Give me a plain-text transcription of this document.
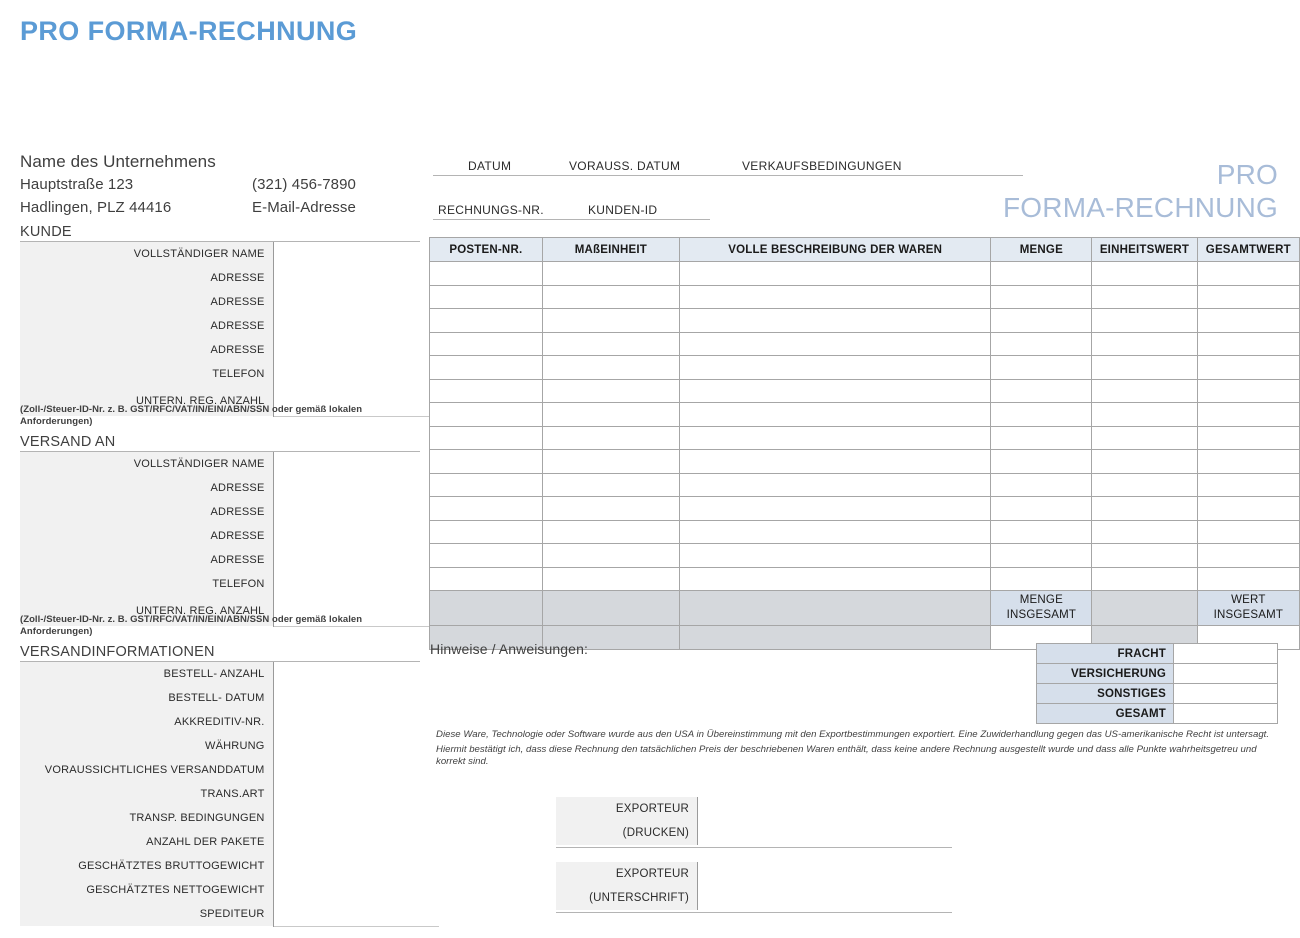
PRO FORMA-RECHNUNG
Name des Unternehmens
Hauptstraße 123	(321) 456-7890
Hadlingen, PLZ 44416	E-Mail-Adresse
PRO
FORMA-RECHNUNG
DATUM	VORAUSS. DATUM	VERKAUFSBEDINGUNGEN
RECHNUNGS-NR.	KUNDEN-ID
KUNDE
VOLLSTÄNDIGER NAME	
ADRESSE	
ADRESSE	
ADRESSE	
ADRESSE	
TELEFON	
UNTERN. REG. ANZAHL	
(Zoll-/Steuer-ID-Nr. z. B. GST/RFC/VAT/IN/EIN/ABN/SSN oder gemäß lokalen Anforderungen)
VERSAND AN
VOLLSTÄNDIGER NAME	
ADRESSE	
ADRESSE	
ADRESSE	
ADRESSE	
TELEFON	
UNTERN. REG. ANZAHL	
(Zoll-/Steuer-ID-Nr. z. B. GST/RFC/VAT/IN/EIN/ABN/SSN oder gemäß lokalen Anforderungen)
VERSANDINFORMATIONEN
BESTELL- ANZAHL	
BESTELL- DATUM	
AKKREDITIV-NR.	
WÄHRUNG	
VORAUSSICHTLICHES VERSANDDATUM	
TRANS.ART	
TRANSP. BEDINGUNGEN	
ANZAHL DER PAKETE	
GESCHÄTZTES BRUTTOGEWICHT	
GESCHÄTZTES NETTOGEWICHT	
SPEDITEUR	
POSTEN-NR.	MAßEINHEIT	VOLLE BESCHREIBUNG DER WAREN	MENGE	EINHEITSWERT	GESAMTWERT

MENGE
INSGESAMT

WERT
INSGESAMT

Hinweise / Anweisungen:	FRACHT	
VERSICHERUNG	
SONSTIGES	
GESAMT	

Diese Ware, Technologie oder Software wurde aus den USA in Übereinstimmung mit den Exportbestimmungen exportiert. Eine Zuwiderhandlung gegen das US-amerikanische Recht ist untersagt.

Hiermit bestätigt ich, dass diese Rechnung den tatsächlichen Preis der beschriebenen Waren enthält, dass keine andere Rechnung ausgestellt wurde und dass alle Punkte wahrheitsgetreu und korrekt sind.

EXPORTEUR
(DRUCKEN)
EXPORTEUR
(UNTERSCHRIFT)
